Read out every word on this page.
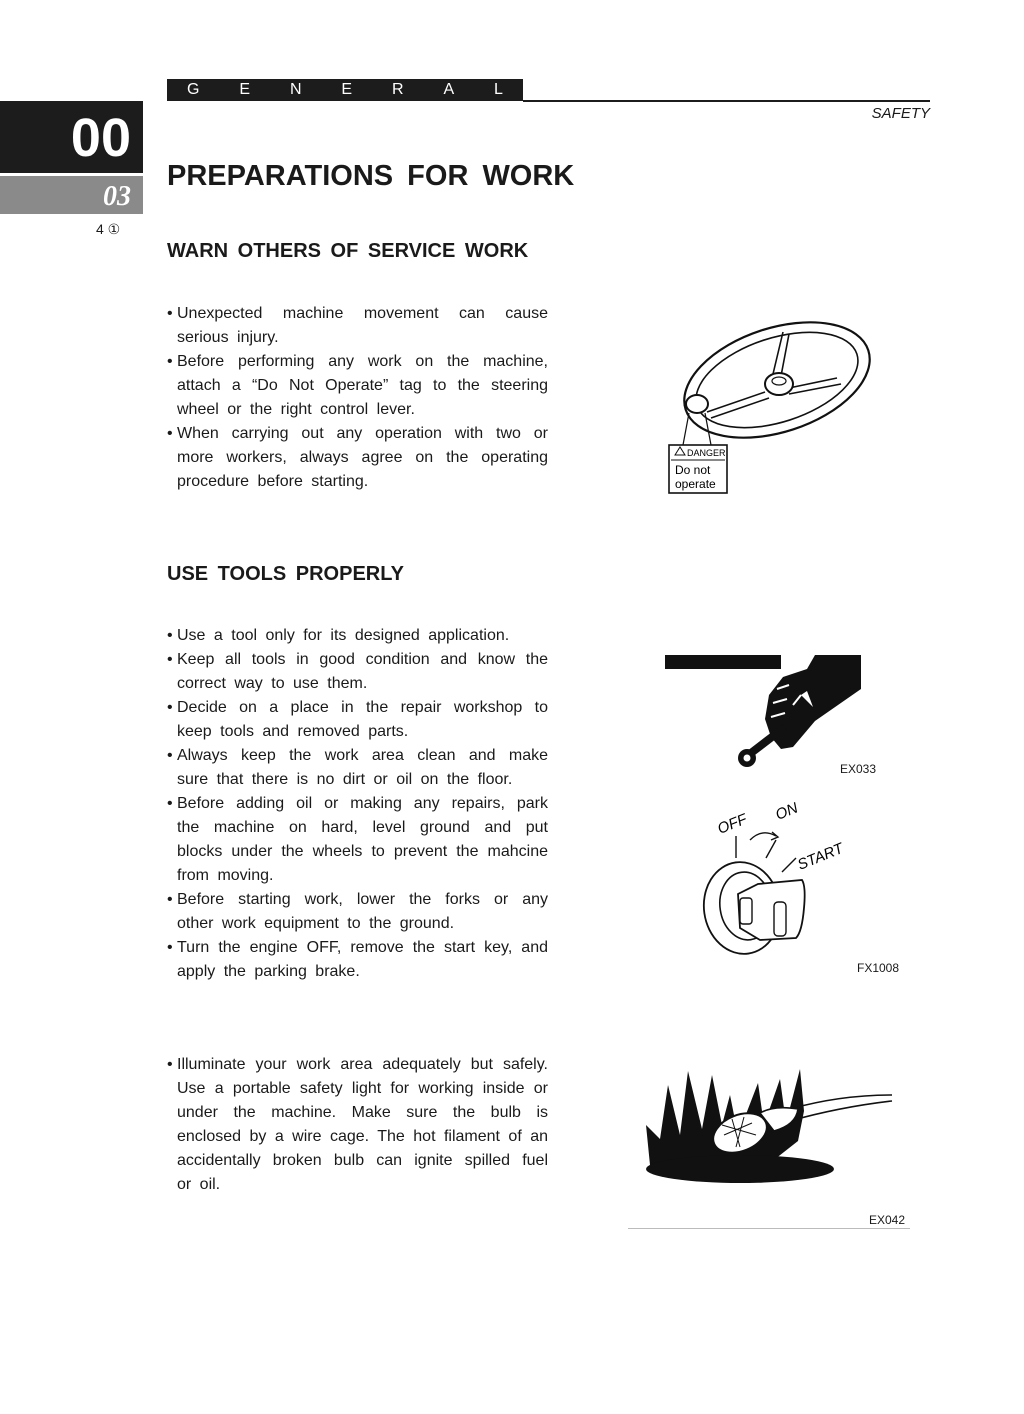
G E N E R A L
SAFETY
00
03
4 ①
PREPARATIONS FOR WORK
WARN OTHERS OF SERVICE WORK
• Unexpected machine movement can cause serious injury.
• Before performing any work on the machine, attach a “Do Not Operate” tag to the steering wheel or the right control lever.
• When carrying out any operation with two or more workers, always agree on the operating procedure before starting.
DANGER
Do not
operate
USE TOOLS PROPERLY
• Use a tool only for its designed application.
• Keep all tools in good condition and know the correct way to use them.
• Decide on a place in the repair workshop to keep tools and removed parts.
• Always keep the work area clean and make sure that there is no dirt or oil on the floor.
• Before adding oil or making any repairs, park the machine on hard, level ground and put blocks under the wheels to prevent the mahcine from moving.
• Before starting work, lower the forks or any other work equipment to the ground.
• Turn the engine OFF, remove the start key, and apply the parking brake.
EX033
OFF ON
START
FX1008
• Illuminate your work area adequately but safely. Use a portable safety light for working inside or under the machine. Make sure the bulb is enclosed by a wire cage. The hot filament of an accidentally broken bulb can ignite spilled fuel or oil.
EX042
